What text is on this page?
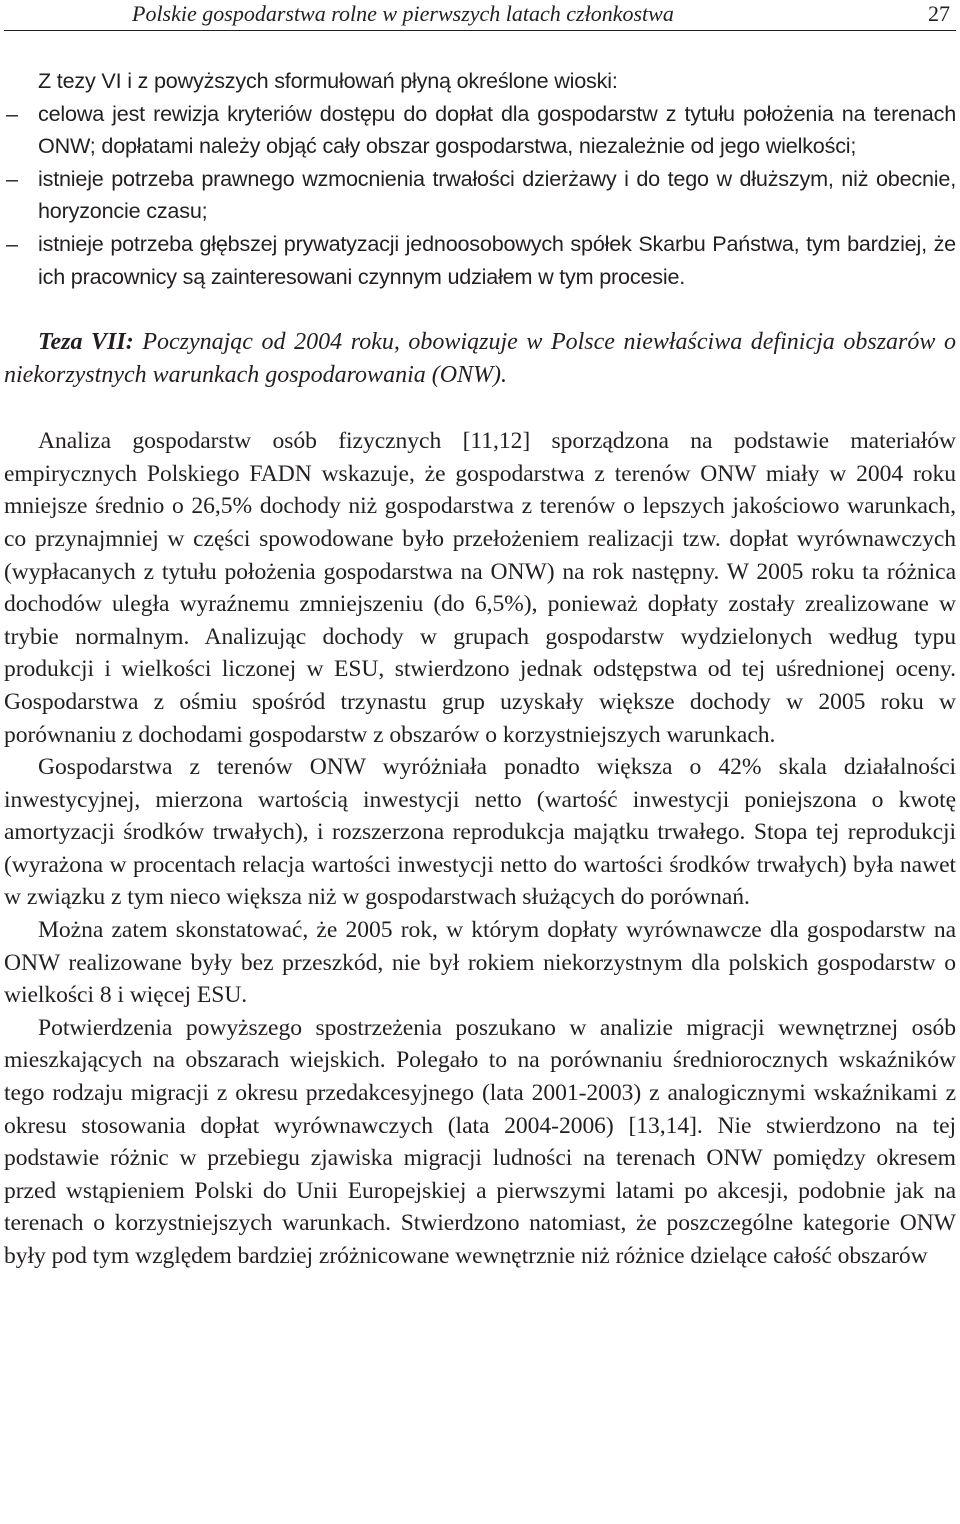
Polskie gospodarstwa rolne w pierwszych latach członkostwa	27
Z tezy VI i z powyższych sformułowań płyną określone wioski:
– celowa jest rewizja kryteriów dostępu do dopłat dla gospodarstw z tytułu położenia na terenach ONW; dopłatami należy objąć cały obszar gospodarstwa, niezależnie od jego wielkości;
– istnieje potrzeba prawnego wzmocnienia trwałości dzierżawy i do tego w dłuższym, niż obecnie, horyzoncie czasu;
– istnieje potrzeba głębszej prywatyzacji jednoosobowych spółek Skarbu Państwa, tym bardziej, że ich pracownicy są zainteresowani czynnym udziałem w tym procesie.
Teza VII: Poczynając od 2004 roku, obowiązuje w Polsce niewłaściwa definicja obszarów o niekorzystnych warunkach gospodarowania (ONW).

Analiza gospodarstw osób fizycznych [11,12] sporządzona na podstawie materiałów empirycznych Polskiego FADN wskazuje, że gospodarstwa z terenów ONW miały w 2004 roku mniejsze średnio o 26,5% dochody niż gospodarstwa z terenów o lepszych jakościowo warunkach, co przynajmniej w części spowodowane było przełożeniem realizacji tzw. dopłat wyrównawczych (wypłacanych z tytułu położenia gospodarstwa na ONW) na rok następny. W 2005 roku ta różnica dochodów uległa wyraźnemu zmniejszeniu (do 6,5%), ponieważ dopłaty zostały zrealizowane w trybie normalnym. Analizując dochody w grupach gospodarstw wydzielonych według typu produkcji i wielkości liczonej w ESU, stwierdzono jednak odstępstwa od tej uśrednionej oceny. Gospodarstwa z ośmiu spośród trzynastu grup uzyskały większe dochody w 2005 roku w porównaniu z dochodami gospodarstw z obszarów o korzystniejszych warunkach.

Gospodarstwa z terenów ONW wyróżniała ponadto większa o 42% skala działalności inwestycyjnej, mierzona wartością inwestycji netto (wartość inwestycji poniejszona o kwotę amortyzacji środków trwałych), i rozszerzona reprodukcja majątku trwałego. Stopa tej reprodukcji (wyrażona w procentach relacja wartości inwestycji netto do wartości środków trwałych) była nawet w związku z tym nieco większa niż w gospodarstwach służących do porównań.

Można zatem skonstatować, że 2005 rok, w którym dopłaty wyrównawcze dla gospodarstw na ONW realizowane były bez przeszkód, nie był rokiem niekorzystnym dla polskich gospodarstw o wielkości 8 i więcej ESU.

Potwierdzenia powyższego spostrzeżenia poszukano w analizie migracji wewnętrznej osób mieszkających na obszarach wiejskich. Polegało to na porównaniu średniorocznych wskaźników tego rodzaju migracji z okresu przedakcesyjnego (lata 2001-2003) z analogicznymi wskaźnikami z okresu stosowania dopłat wyrównawczych (lata 2004-2006) [13,14]. Nie stwierdzono na tej podstawie różnic w przebiegu zjawiska migracji ludności na terenach ONW pomiędzy okresem przed wstąpieniem Polski do Unii Europejskiej a pierwszymi latami po akcesji, podobnie jak na terenach o korzystniejszych warunkach. Stwierdzono natomiast, że poszczególne kategorie ONW były pod tym względem bardziej zróżnicowane wewnętrznie niż różnice dzielące całość obszarów
